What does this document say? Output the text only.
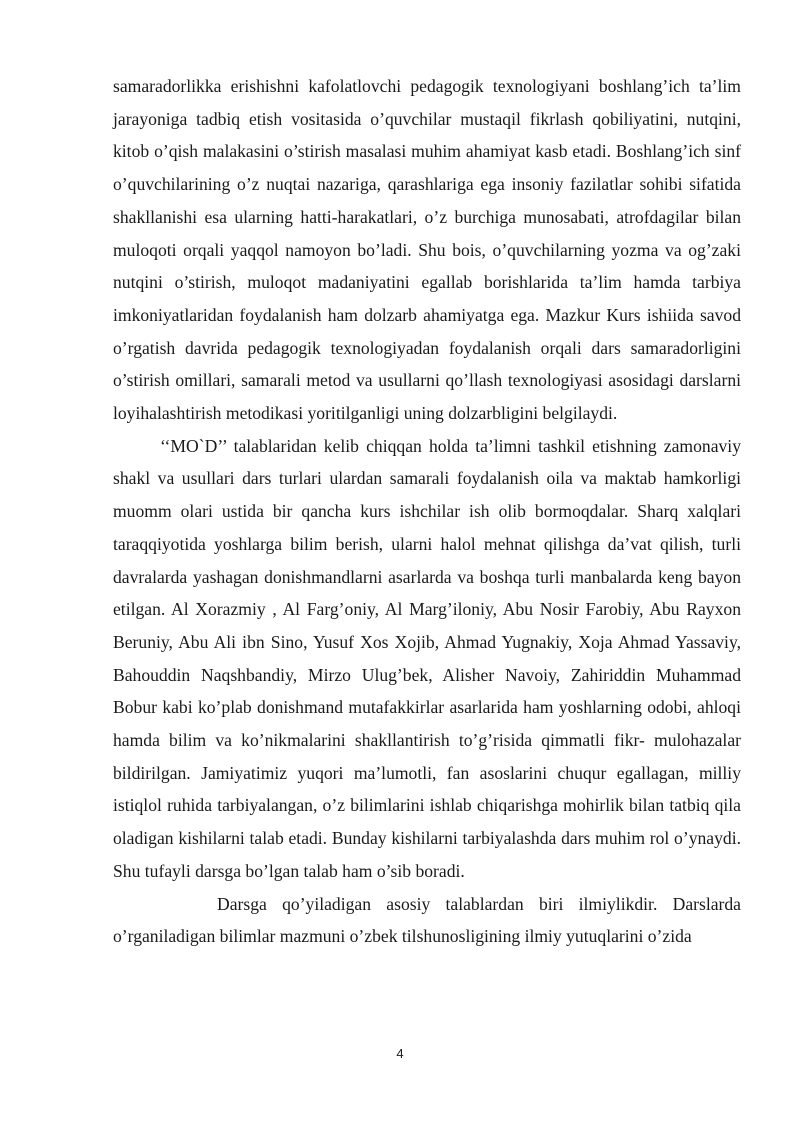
samaradorlikka erishishni kafolatlovchi pedagogik texnologiyani boshlang’ich ta’lim jarayoniga tadbiq etish vositasida o’quvchilar mustaqil fikrlash qobiliyatini, nutqini, kitob o’qish malakasini o’stirish masalasi muhim ahamiyat kasb etadi. Boshlang’ich sinf o’quvchilarining o’z nuqtai nazariga, qarashlariga ega insoniy fazilatlar sohibi sifatida shakllanishi esa ularning hatti-harakatlari, o’z burchiga munosabati, atrofdagilar bilan muloqoti orqali yaqqol namoyon bo’ladi. Shu bois, o’quvchilarning yozma va og’zaki nutqini o’stirish, muloqot madaniyatini egallab borishlarida ta’lim hamda tarbiya imkoniyatlaridan foydalanish ham dolzarb ahamiyatga ega. Mazkur Kurs ishiida savod o’rgatish davrida pedagogik texnologiyadan foydalanish orqali dars samaradorligini o’stirish omillari, samarali metod va usullarni qo’llash texnologiyasi asosidagi darslarni loyihalashtirish metodikasi yoritilganligi uning dolzarbligini belgilaydi.

‘‘MO`D’’ talablaridan kelib chiqqan holda ta’limni tashkil etishning zamonaviy shakl va usullari dars turlari ulardan samarali foydalanish oila va maktab hamkorligi muomm olari ustida bir qancha kurs ishchilar ish olib bormoqdalar. Sharq xalqlari taraqqiyotida yoshlarga bilim berish, ularni halol mehnat qilishga da’vat qilish, turli davralarda yashagan donishmandlarni asarlarda va boshqa turli manbalarda keng bayon etilgan. Al Xorazmiy , Al Farg’oniy, Al Marg’iloniy, Abu Nosir Farobiy, Abu Rayxon Beruniy, Abu Ali ibn Sino, Yusuf Xos Xojib, Ahmad Yugnakiy, Xoja Ahmad Yassaviy, Bahouddin Naqshbandiy, Mirzo Ulug’bek, Alisher Navoiy, Zahiriddin Muhammad Bobur kabi ko’plab donishmand mutafakkirlar asarlarida ham yoshlarning odobi, ahloqi hamda bilim va ko’nikmalarini shakllantirish to’g’risida qimmatli fikr- mulohazalar bildirilgan. Jamiyatimiz yuqori ma’lumotli, fan asoslarini chuqur egallagan, milliy istiqlol ruhida tarbiyalangan, o’z bilimlarini ishlab chiqarishga mohirlik bilan tatbiq qila oladigan kishilarni talab etadi. Bunday kishilarni tarbiyalashda dars muhim rol o’ynaydi. Shu tufayli darsga bo’lgan talab ham o’sib boradi.

Darsga qo’yiladigan asosiy talablardan biri ilmiylikdir. Darslarda o’rganiladigan bilimlar mazmuni o’zbek tilshunosligining ilmiy yutuqlarini o’zida

4
